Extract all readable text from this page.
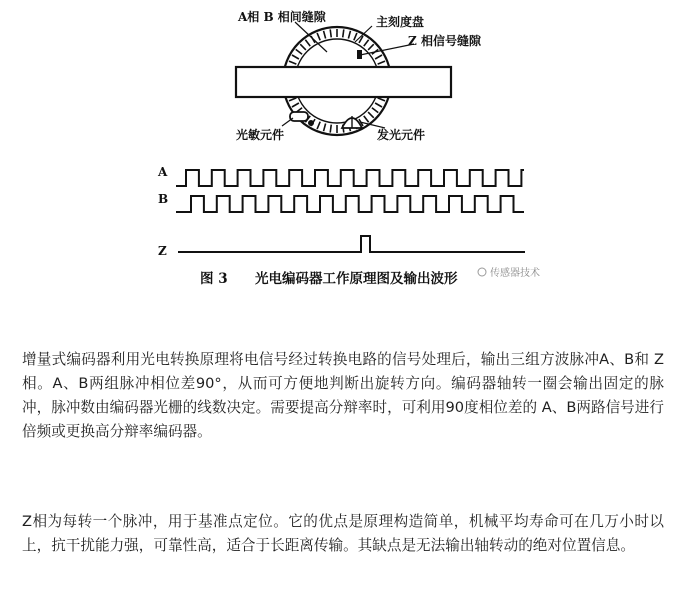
A相 B 相间缝隙	主刻度盘
Z 相信号缝隙
光敏元件	发光元件
A
B
Z
图 3 光电编码器工作原理图及输出波形	传感器技术

增量式编码器利用光电转换原理将电信号经过转换电路的信号处理后，输出三组方波脉冲A、B和 Z相。A、B两组脉冲相位差90°，从而可方便地判断出旋转方向。编码器轴转一圈会输出固定的脉冲，脉冲数由编码器光栅的线数决定。需要提高分辩率时，可利用90度相位差的 A、B两路信号进行倍频或更换高分辩率编码器。

Z相为每转一个脉冲，用于基准点定位。它的优点是原理构造简单，机械平均寿命可在几万小时以上，抗干扰能力强，可靠性高，适合于长距离传输。其缺点是无法输出轴转动的绝对位置信息。
